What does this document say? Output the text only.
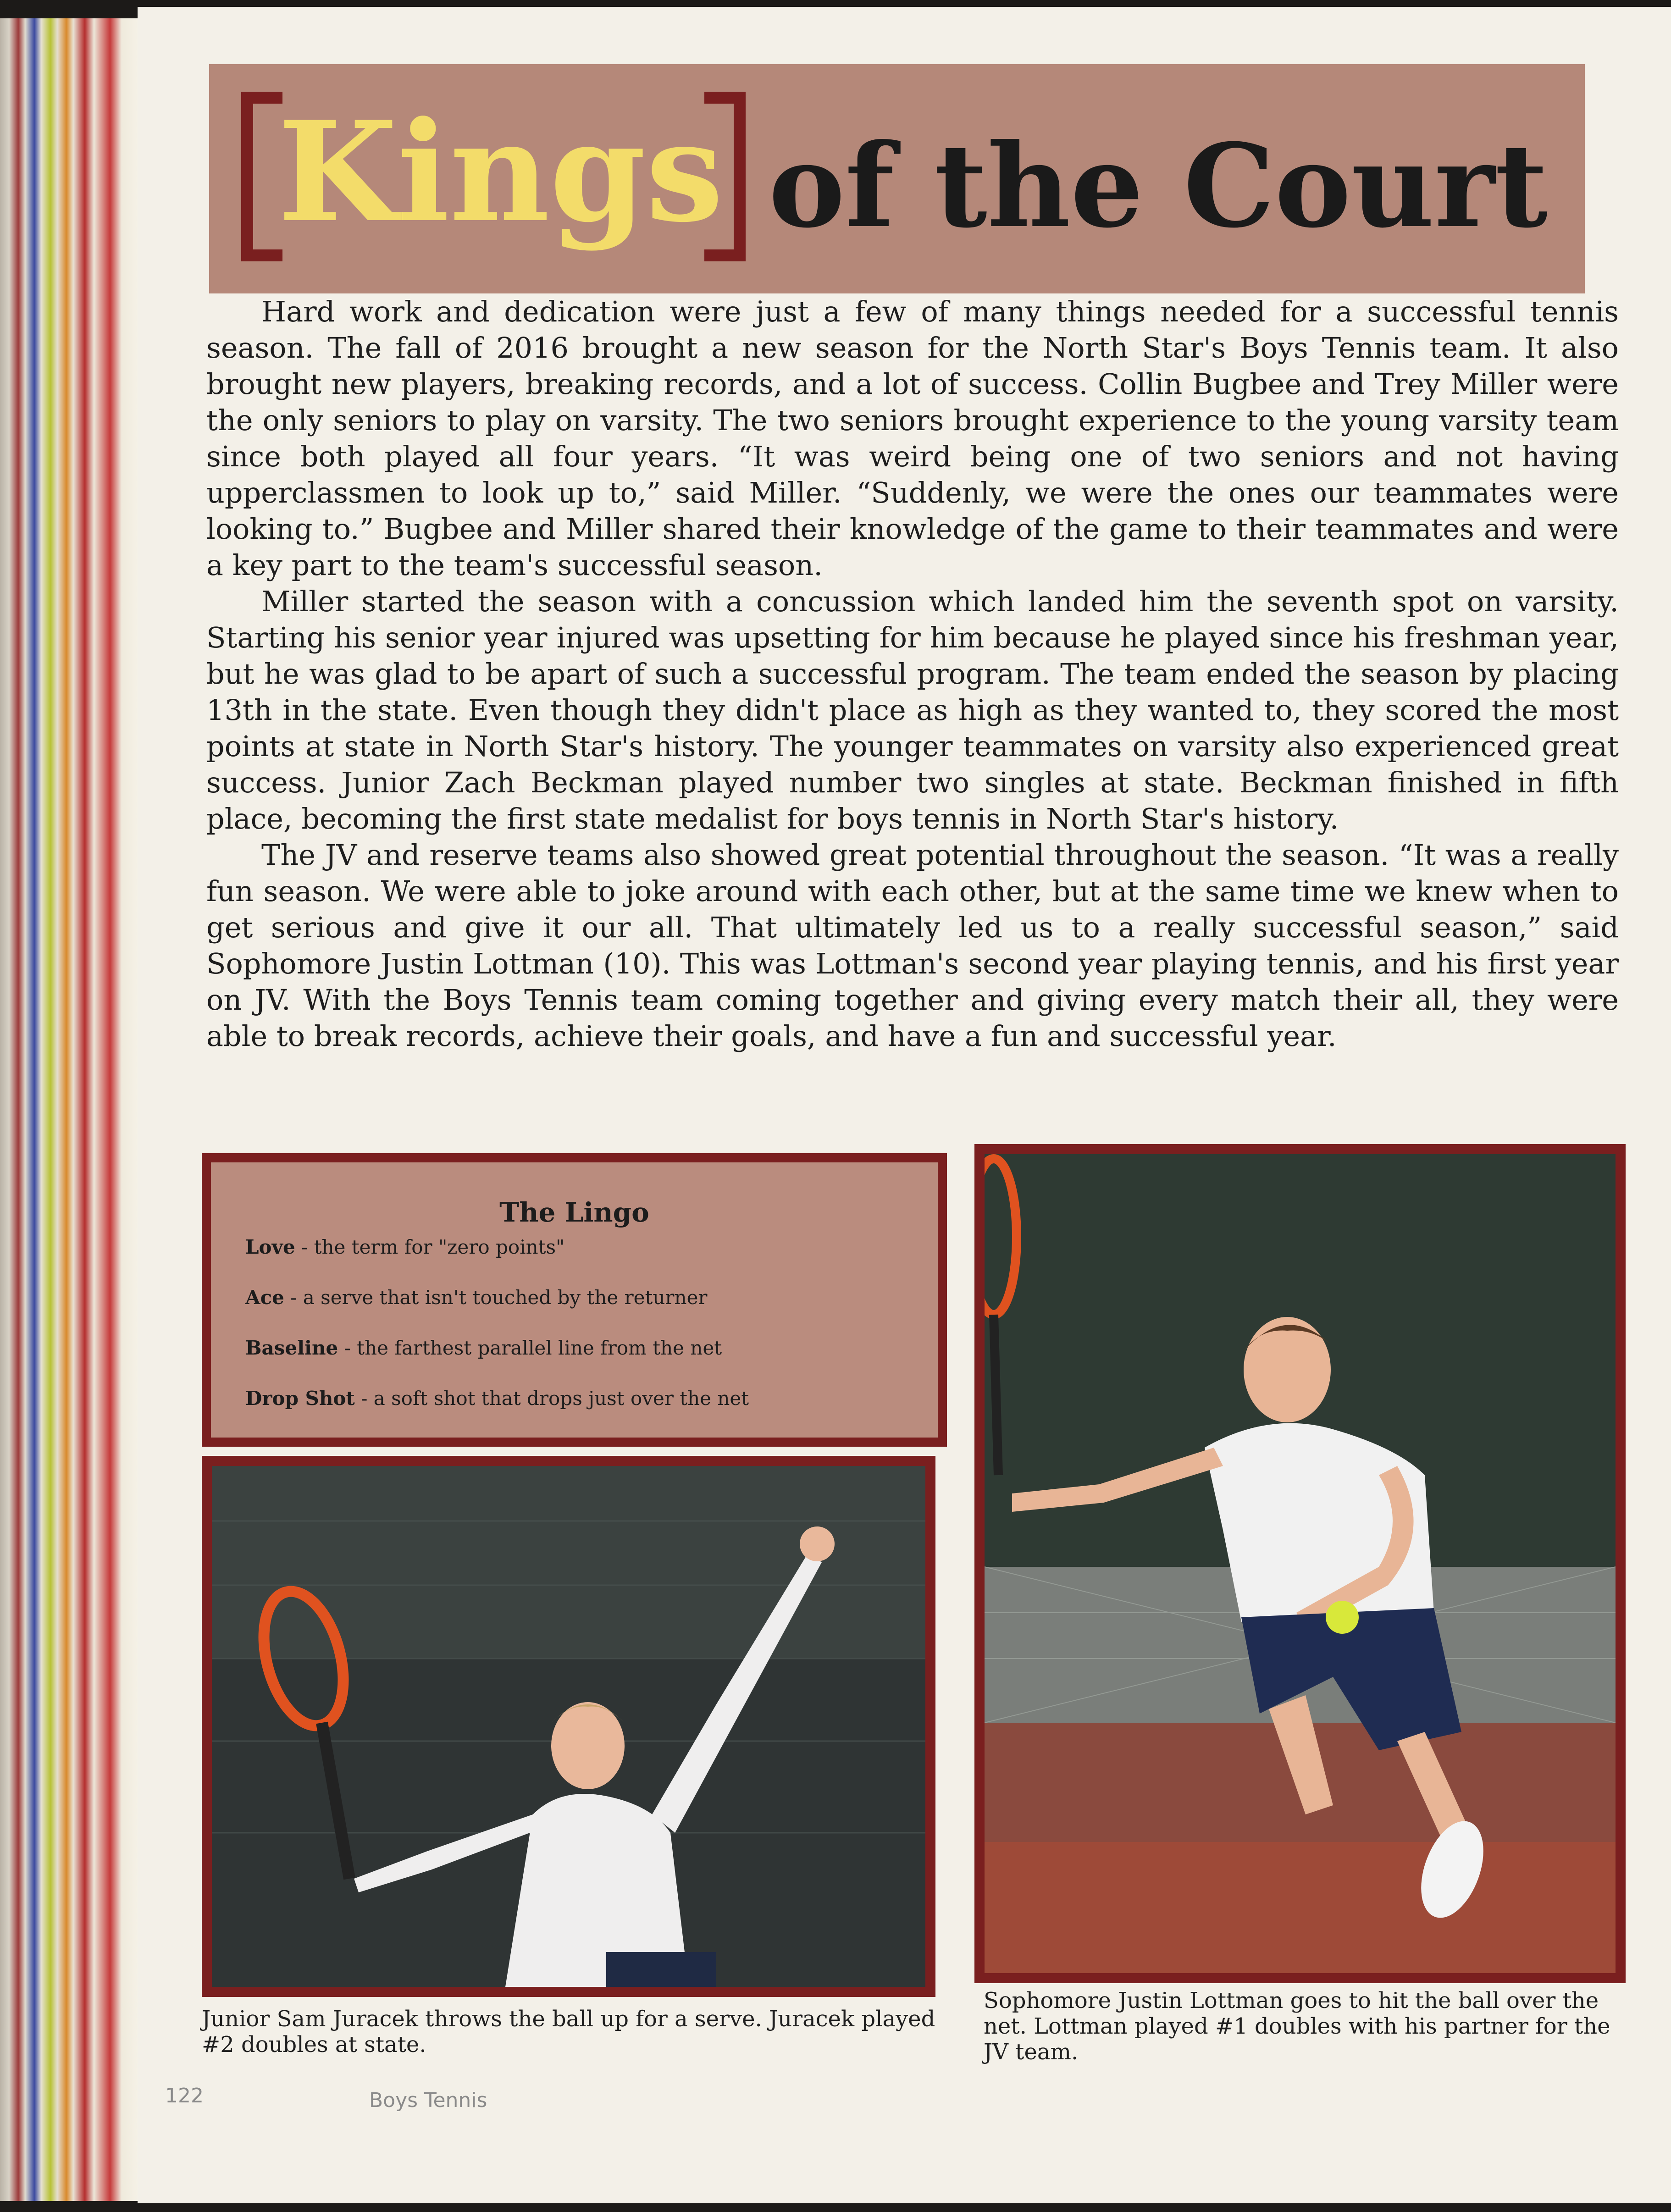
Kings of the Court

Hard work and dedication were just a few of many things needed for a successful tennis season. The fall of 2016 brought a new season for the North Star's Boys Tennis team. It also brought new players, breaking records, and a lot of success. Collin Bugbee and Trey Miller were the only seniors to play on varsity. The two seniors brought experience to the young varsity team since both played all four years. “It was weird being one of two seniors and not having upperclassmen to look up to,” said Miller. “Suddenly, we were the ones our teammates were looking to.” Bugbee and Miller shared their knowledge of the game to their teammates and were a key part to the team's successful season.

Miller started the season with a concussion which landed him the seventh spot on varsity. Starting his senior year injured was upsetting for him because he played since his freshman year, but he was glad to be apart of such a successful program. The team ended the season by placing 13th in the state. Even though they didn't place as high as they wanted to, they scored the most points at state in North Star's history. The younger teammates on varsity also experienced great success. Junior Zach Beckman played number two singles at state. Beckman finished in fifth place, becoming the first state medalist for boys tennis in North Star's history.

The JV and reserve teams also showed great potential throughout the season. “It was a really fun season. We were able to joke around with each other, but at the same time we knew when to get serious and give it our all. That ultimately led us to a really successful season,” said Sophomore Justin Lottman (10). This was Lottman's second year playing tennis, and his first year on JV. With the Boys Tennis team coming together and giving every match their all, they were able to break records, achieve their goals, and have a fun and successful year.

The Lingo
Love - the term for "zero points"
Ace - a serve that isn't touched by the returner
Baseline - the farthest parallel line from the net
Drop Shot - a soft shot that drops just over the net
Junior Sam Juracek throws the ball up for a serve. Juracek played #2 doubles at state.
Sophomore Justin Lottman goes to hit the ball over the net. Lottman played #1 doubles with his partner for the JV team.
122	Boys Tennis
